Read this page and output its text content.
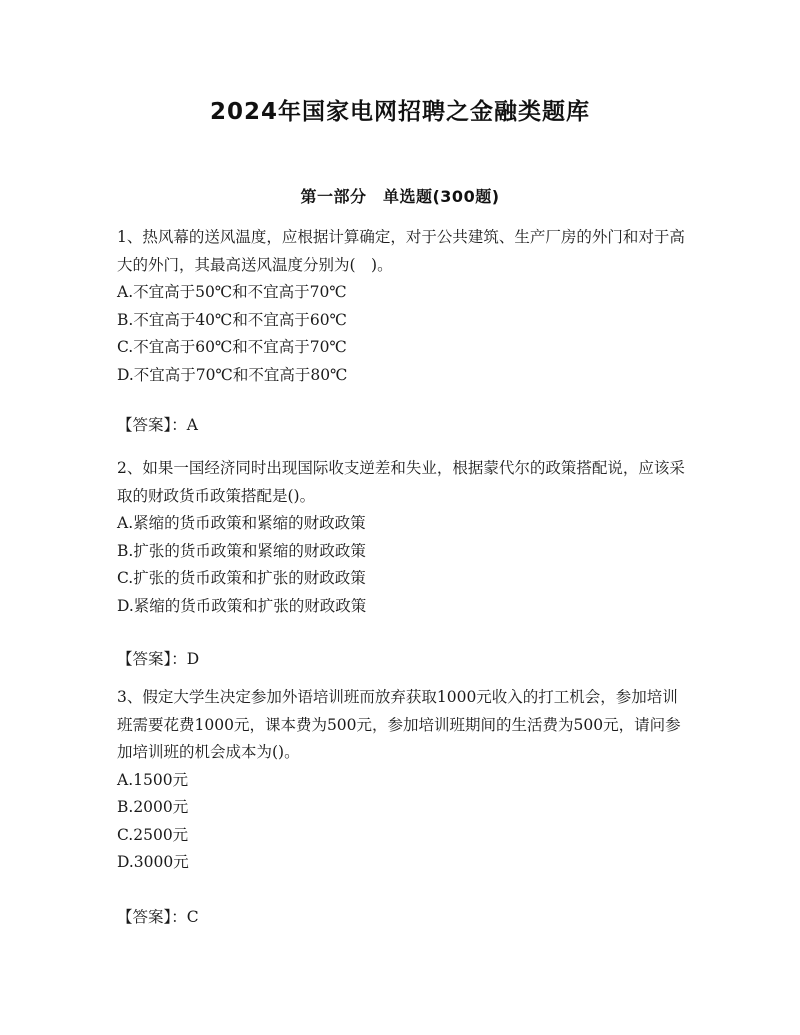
2024年国家电网招聘之金融类题库
第一部分　单选题(300题)

1、热风幕的送风温度，应根据计算确定，对于公共建筑、生产厂房的外门和对于高大的外门，其最高送风温度分别为(　)。

A.不宜高于50℃和不宜高于70℃

B.不宜高于40℃和不宜高于60℃

C.不宜高于60℃和不宜高于70℃

D.不宜高于70℃和不宜高于80℃

【答案】：A

2、如果一国经济同时出现国际收支逆差和失业，根据蒙代尔的政策搭配说，应该采取的财政货币政策搭配是()。

A.紧缩的货币政策和紧缩的财政政策

B.扩张的货币政策和紧缩的财政政策

C.扩张的货币政策和扩张的财政政策

D.紧缩的货币政策和扩张的财政政策

【答案】：D

3、假定大学生决定参加外语培训班而放弃获取1000元收入的打工机会，参加培训班需要花费1000元，课本费为500元，参加培训班期间的生活费为500元，请问参加培训班的机会成本为()。

A.1500元

B.2000元

C.2500元

D.3000元

【答案】：C
